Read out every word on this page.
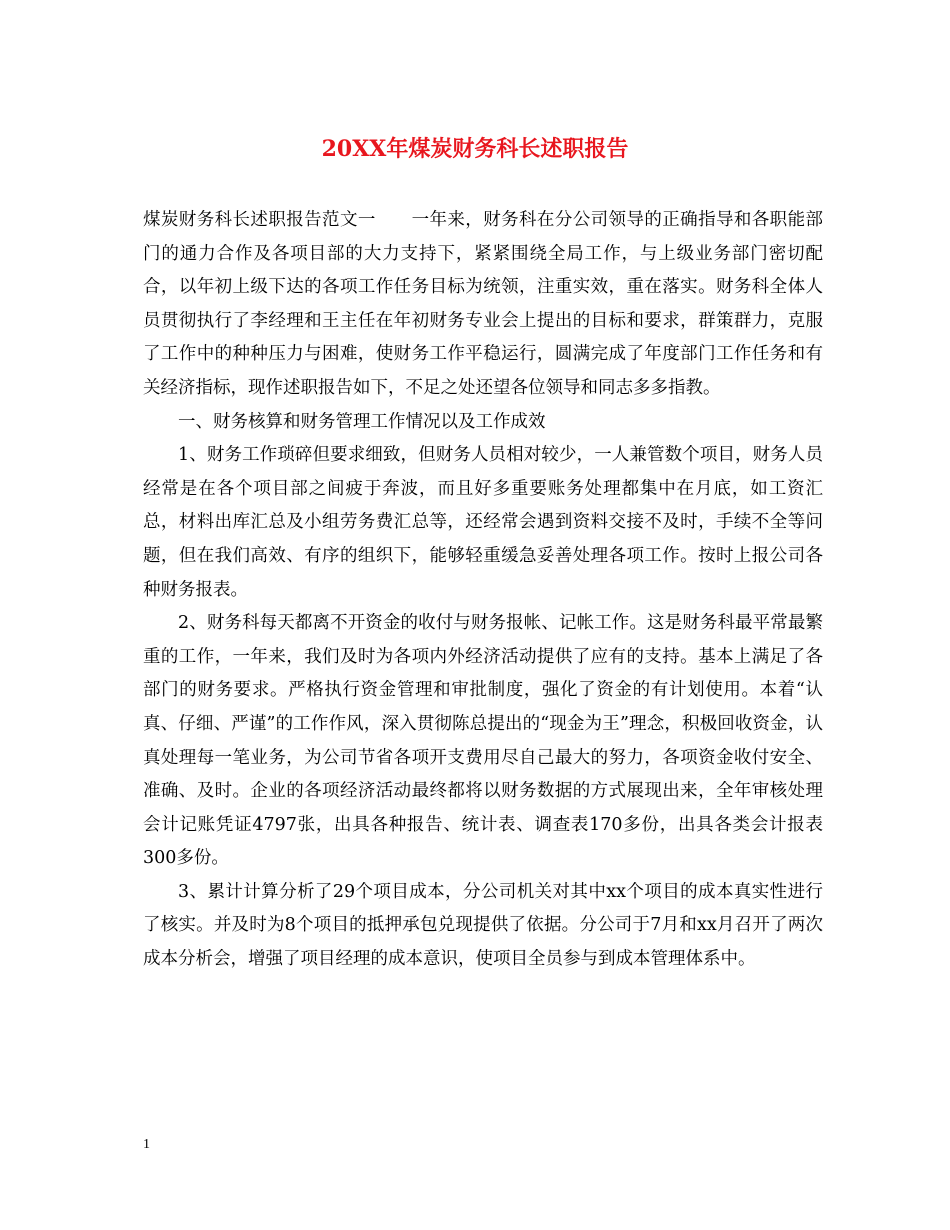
20XX年煤炭财务科长述职报告

煤炭财务科长述职报告范文一　　一年来，财务科在分公司领导的正确指导和各职能部门的通力合作及各项目部的大力支持下，紧紧围绕全局工作，与上级业务部门密切配合，以年初上级下达的各项工作任务目标为统领，注重实效，重在落实。财务科全体人员贯彻执行了李经理和王主任在年初财务专业会上提出的目标和要求，群策群力，克服了工作中的种种压力与困难，使财务工作平稳运行，圆满完成了年度部门工作任务和有关经济指标，现作述职报告如下，不足之处还望各位领导和同志多多指教。

一、财务核算和财务管理工作情况以及工作成效

1、财务工作琐碎但要求细致，但财务人员相对较少，一人兼管数个项目，财务人员经常是在各个项目部之间疲于奔波，而且好多重要账务处理都集中在月底，如工资汇总，材料出库汇总及小组劳务费汇总等，还经常会遇到资料交接不及时，手续不全等问题，但在我们高效、有序的组织下，能够轻重缓急妥善处理各项工作。按时上报公司各种财务报表。

2、财务科每天都离不开资金的收付与财务报帐、记帐工作。这是财务科最平常最繁重的工作，一年来，我们及时为各项内外经济活动提供了应有的支持。基本上满足了各部门的财务要求。严格执行资金管理和审批制度，强化了资金的有计划使用。本着“认真、仔细、严谨”的工作作风，深入贯彻陈总提出的“现金为王”理念，积极回收资金，认真处理每一笔业务，为公司节省各项开支费用尽自己最大的努力，各项资金收付安全、准确、及时。企业的各项经济活动最终都将以财务数据的方式展现出来，全年审核处理会计记账凭证4797张，出具各种报告、统计表、调查表170多份，出具各类会计报表300多份。

3、累计计算分析了29个项目成本，分公司机关对其中xx个项目的成本真实性进行了核实。并及时为8个项目的抵押承包兑现提供了依据。分公司于7月和xx月召开了两次成本分析会，增强了项目经理的成本意识，使项目全员参与到成本管理体系中。

1
